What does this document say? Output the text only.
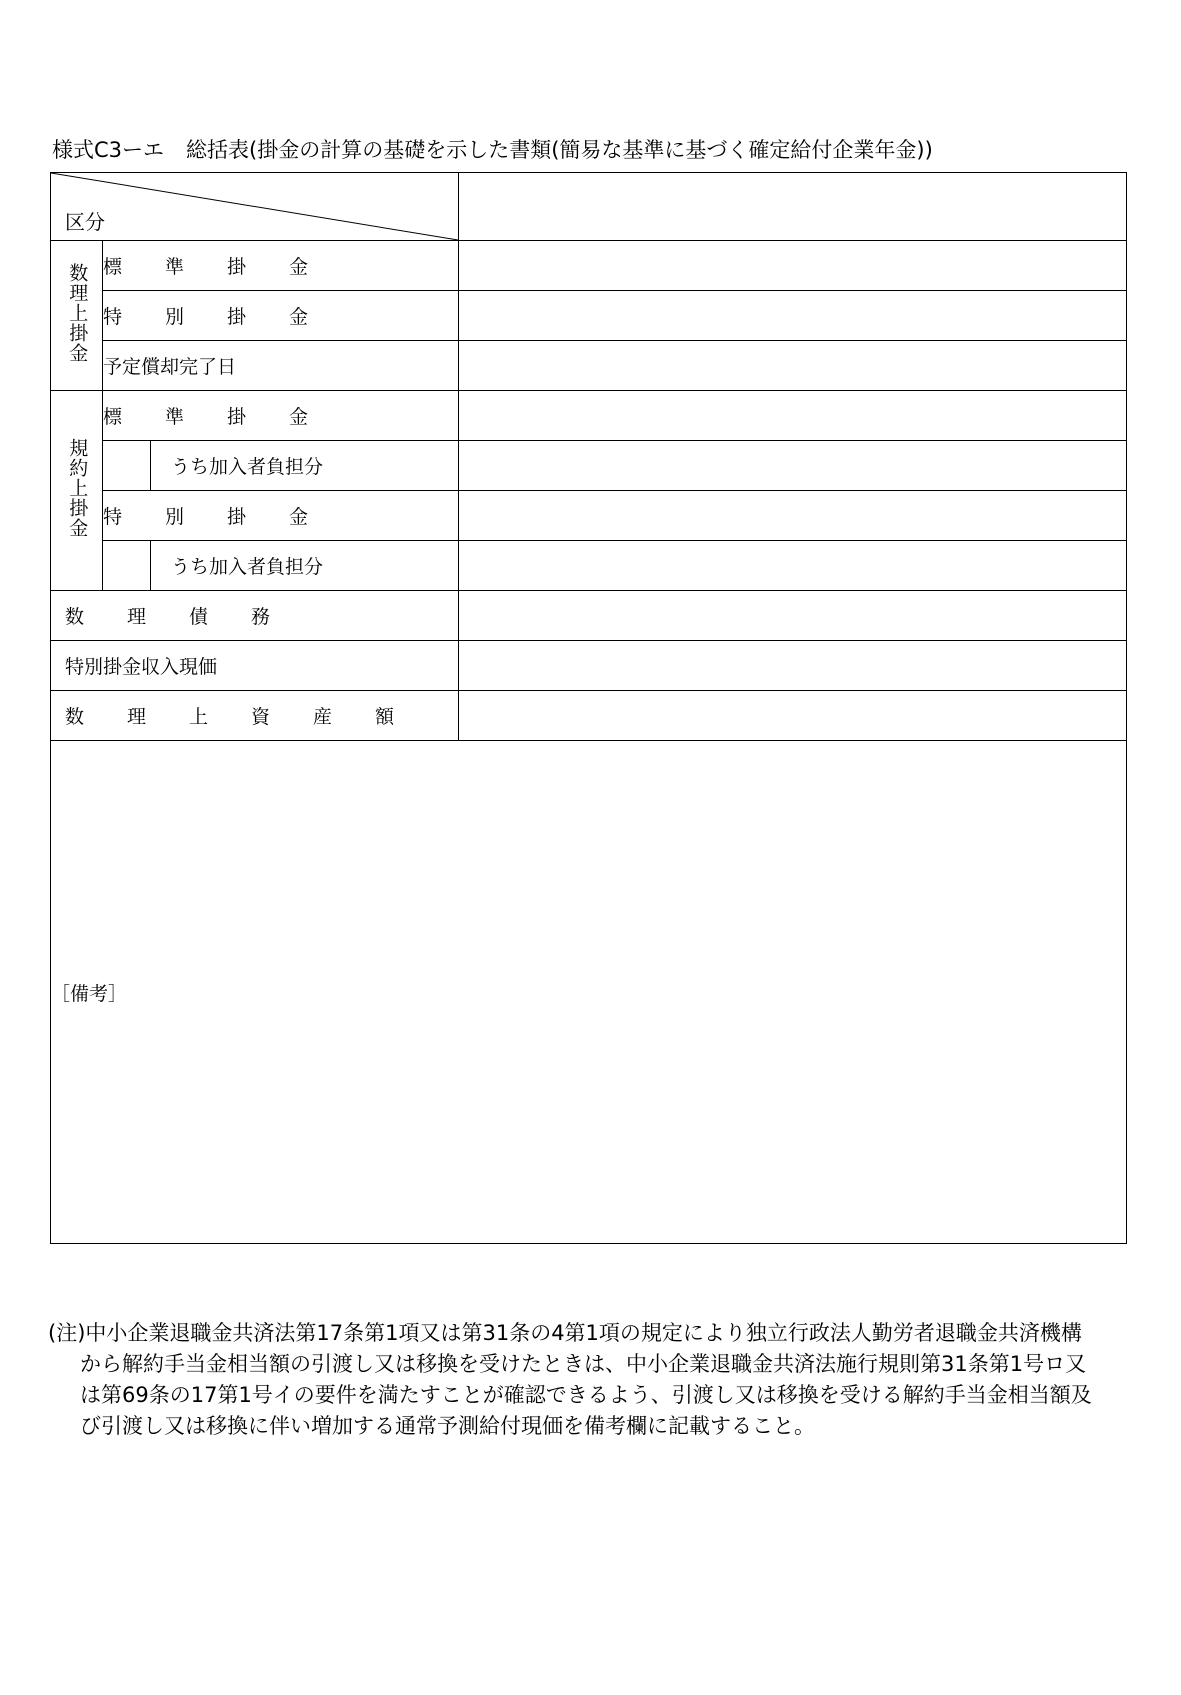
様式C3ーエ 総括表(掛金の計算の基礎を示した書類(簡易な基準に基づく確定給付企業年金))
区分			

数理上掛金	標　準　掛　金		
	特　別　掛　金		
	予定償却完了日		
規約上掛金	標　準　掛　金		
		うち加入者負担分	
	特　別　掛　金		
		うち加入者負担分	
数　理　債　務			
特別掛金収入現価			
数　理　上　資　産　額			
［備考］			
(注)中小企業退職金共済法第17条第1項又は第31条の4第1項の規定により独立行政法人勤労者退職金共済機構
から解約手当金相当額の引渡し又は移換を受けたときは、中小企業退職金共済法施行規則第31条第1号ロ又
は第69条の17第1号イの要件を満たすことが確認できるよう、引渡し又は移換を受ける解約手当金相当額及
び引渡し又は移換に伴い増加する通常予測給付現価を備考欄に記載すること。
